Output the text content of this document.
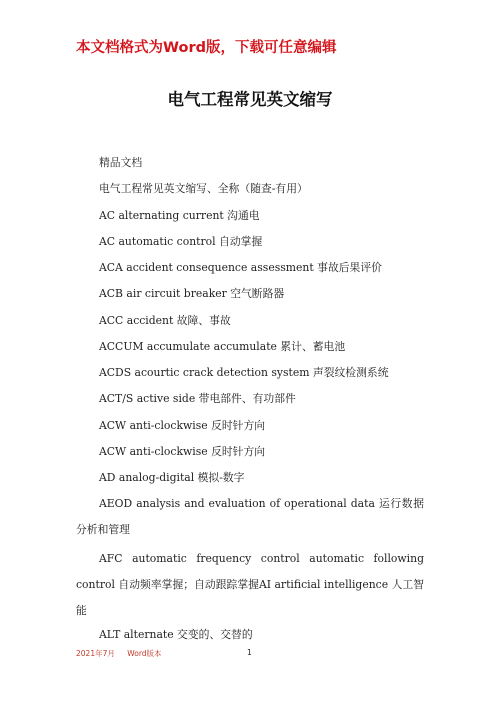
本文档格式为Word版，下载可任意编辑
电气工程常见英文缩写
精品文档
电气工程常见英文缩写、全称（随查-有用）
AC alternating current 沟通电
AC automatic control 自动掌握
ACA accident consequence assessment 事故后果评价
ACB air circuit breaker 空气断路器
ACC accident 故障、事故
ACCUM accumulate accumulate 累计、蓄电池
ACDS acourtic crack detection system 声裂纹检测系统
ACT/S active side 带电部件、有功部件
ACW anti-clockwise 反时针方向
ACW anti-clockwise 反时针方向
AD analog-digital 模拟-数字
AEOD analysis and evaluation of operational data 运行数据分析和管理
AFC automatic frequency control automatic following control 自动频率掌握；自动跟踪掌握AI artificial intelligence 人工智能
ALT alternate 交变的、交替的
2021年7月 Word版本	1
